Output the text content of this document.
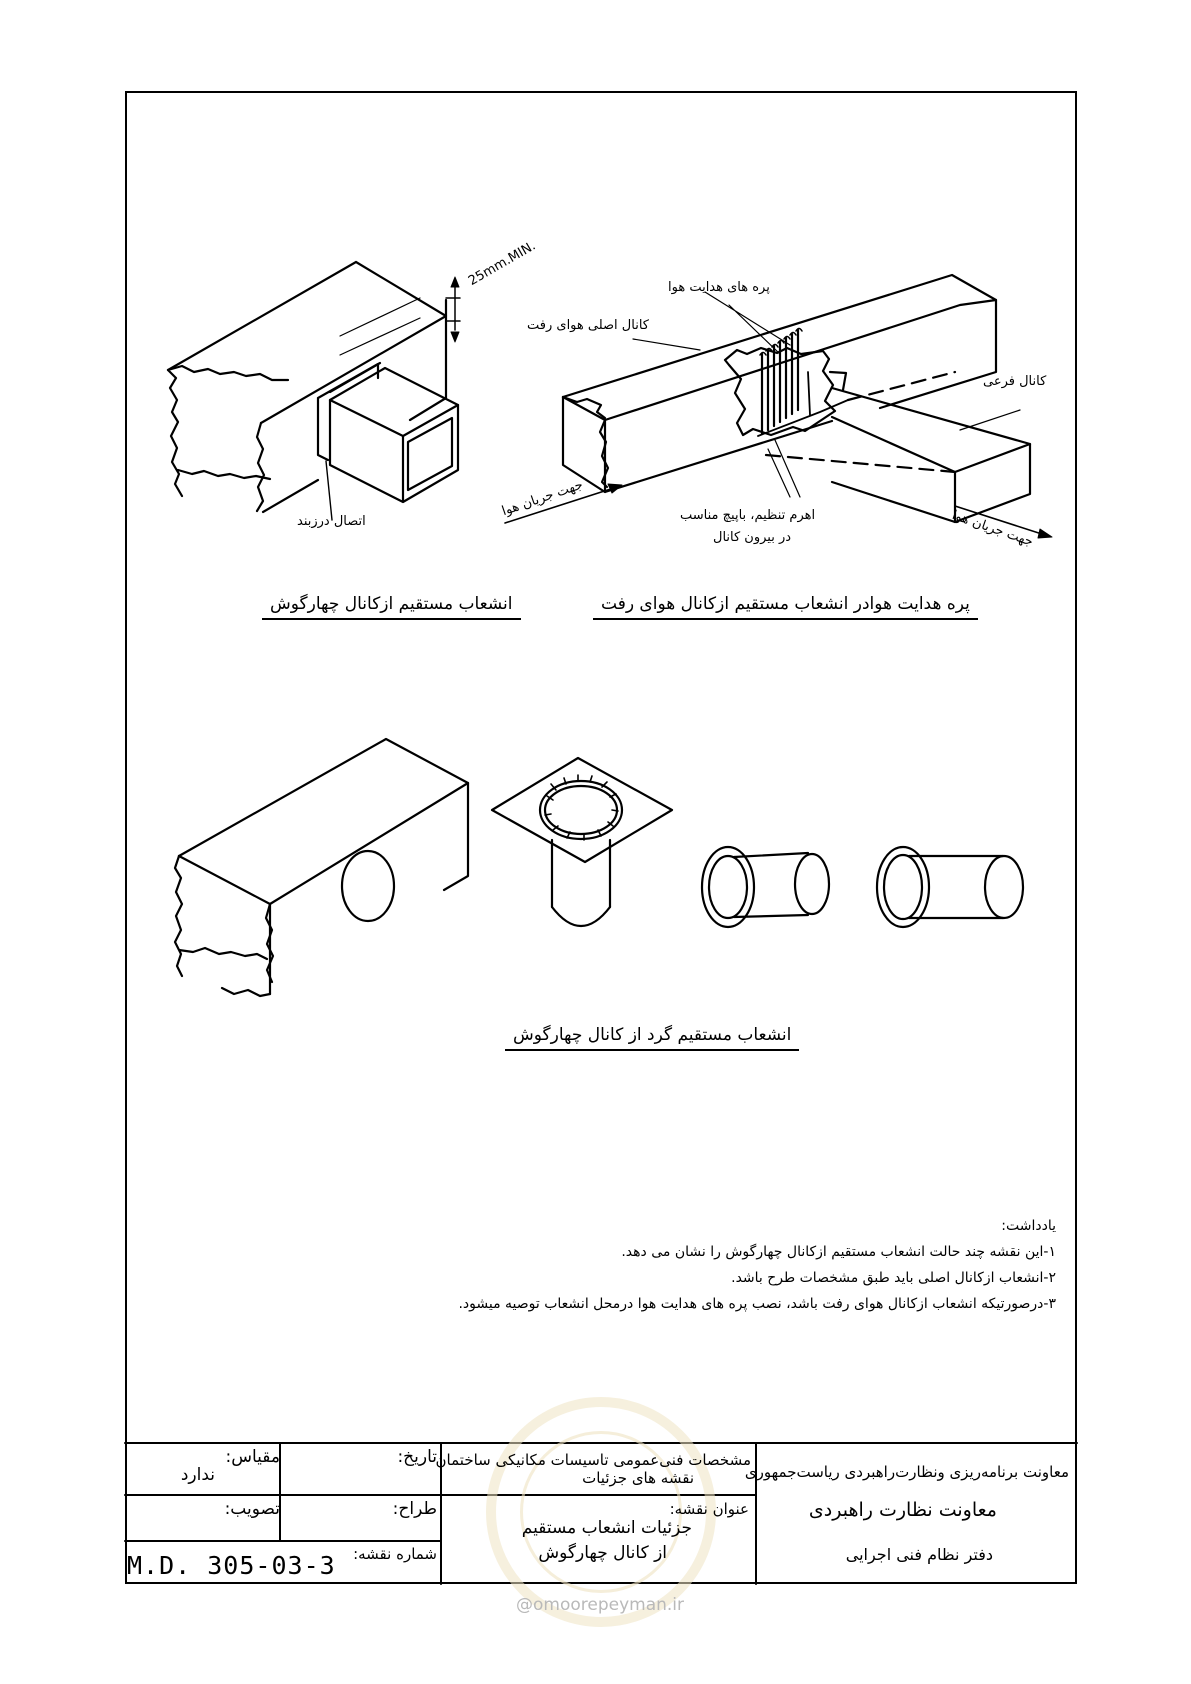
25mm.MIN.
اتصال درزبند
انشعاب مستقیم ازکانال چهارگوش
پره های هدایت هوا
کانال اصلی هوای رفت
کانال فرعی
جهت جریان هوا
جهت جریان هوا
اهرم تنظیم، باپیچ مناسب
در بیرون کانال
پره هدایت هوادر انشعاب مستقیم ازکانال هوای رفت
انشعاب مستقیم گرد از کانال چهارگوش
یادداشت:
۱-این نقشه چند حالت انشعاب مستقیم ازکانال چهارگوش را نشان می دهد.
۲-انشعاب ازکانال اصلی باید طبق مشخصات طرح باشد.
۳-درصورتیکه انشعاب ازکانال هوای رفت باشد، نصب پره های هدایت هوا درمحل انشعاب توصیه میشود.
@omoorepeyman.ir
معاونت برنامه‌ریزی ونظارت‌راهبردی ریاست‌جمهوری
معاونت نظارت راهبردی
دفتر نظام فنی اجرایی
مشخصات فنی‌عمومی تاسیسات مکانیکی ساختمان
نقشه های جزئیات
عنوان نقشه:
جزئیات انشعاب مستقیم
از کانال چهارگوش
تاریخ:
طراح:
شماره نقشه:
مقیاس:
ندارد
تصویب:
M.D. 305-03-3
